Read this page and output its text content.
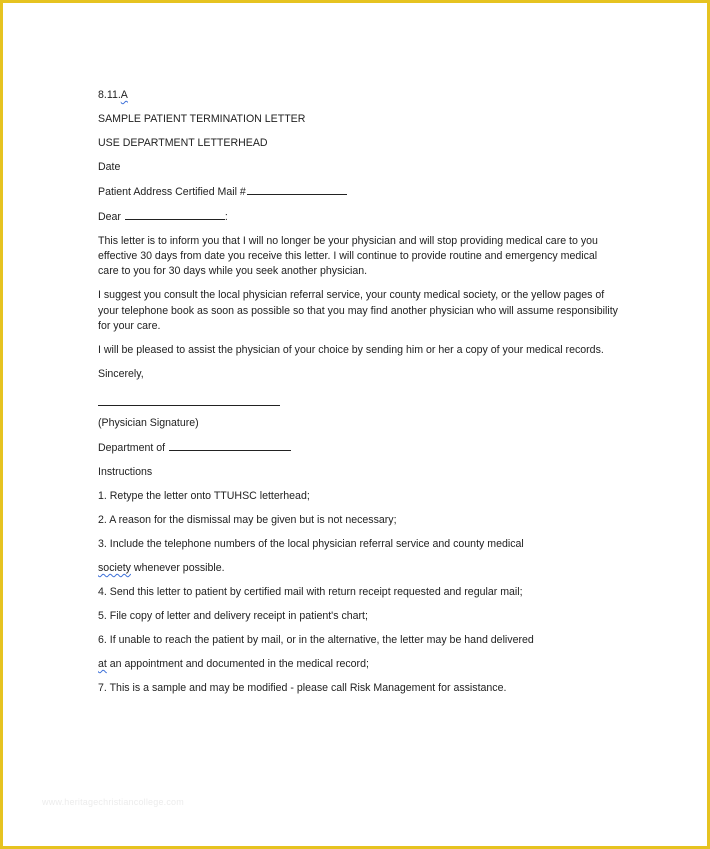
8.11.A
SAMPLE PATIENT TERMINATION LETTER
USE DEPARTMENT LETTERHEAD
Date
Patient Address Certified Mail #
Dear	:
This letter is to inform you that I will no longer be your physician and will stop providing medical care to you effective 30 days from date you receive this letter. I will continue to provide routine and emergency medical care to you for 30 days while you seek another physician.
I suggest you consult the local physician referral service, your county medical society, or the yellow pages of your telephone book as soon as possible so that you may find another physician who will assume responsibility for your care.
I will be pleased to assist the physician of your choice by sending him or her a copy of your medical records.
Sincerely,
(Physician Signature)
Department of
Instructions
1. Retype the letter onto TTUHSC letterhead;
2. A reason for the dismissal may be given but is not necessary;
3. Include the telephone numbers of the local physician referral service and county medical
society whenever possible.
4. Send this letter to patient by certified mail with return receipt requested and regular mail;
5. File copy of letter and delivery receipt in patient's chart;
6. If unable to reach the patient by mail, or in the alternative, the letter may be hand delivered
at an appointment and documented in the medical record;
7. This is a sample and may be modified - please call Risk Management for assistance.
www.heritagechristiancollege.com
